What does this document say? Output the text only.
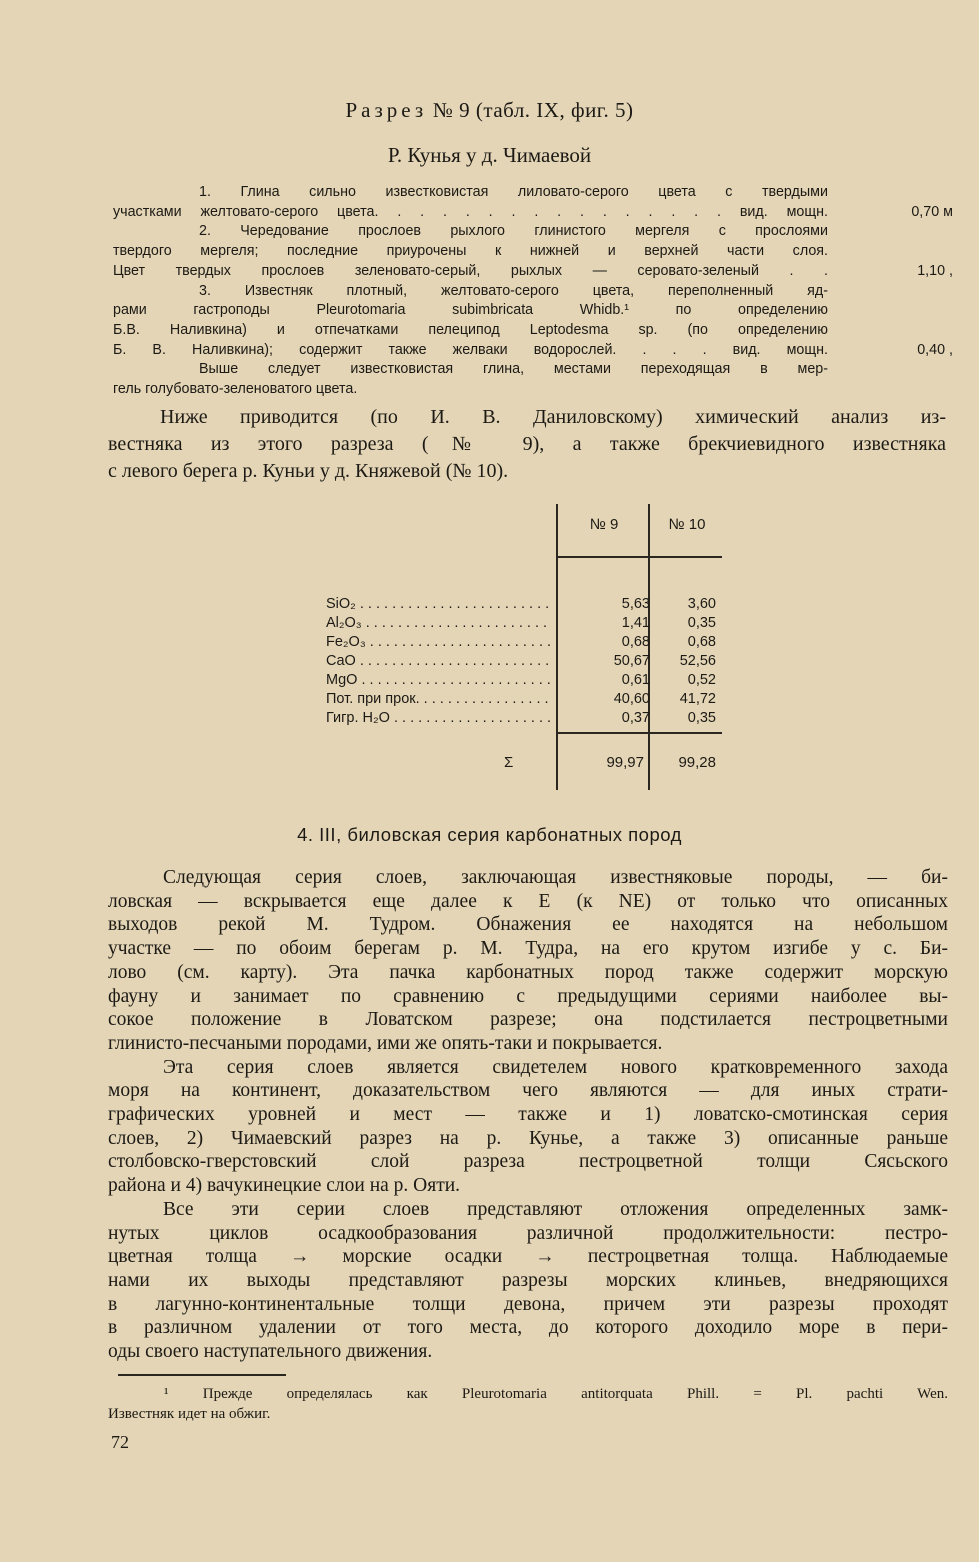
Разрез № 9 (табл. IX, фиг. 5)
Р. Кунья у д. Чимаевой
1. Глина сильно известковистая лиловато-серого цвета с твердыми
участками желтовато-серого цвета. . . . . . . . . . . . . . . . вид. мощн.	0,70 м
2. Чередование прослоев рыхлого глинистого мергеля с прослоями
твердого мергеля; последние приурочены к нижней и верхней части слоя.
Цвет твердых прослоев зеленовато-серый, рыхлых — серовато-зеленый . .	1,10 ,
3. Известняк плотный, желтовато-серого цвета, переполненный яд-
рами гастроподы Pleurotomaria subimbricata Whidb.¹ по определению
Б.В. Наливкина) и отпечатками пелеципод Leptodesma sp. (по определению
Б. В. Наливкина); содержит также желваки водорослей. . . . вид. мощн.	0,40 ,
Выше следует известковистая глина, местами переходящая в мер-
гель голубовато-зеленоватого цвета.
Ниже приводится (по И. В. Даниловскому) химический анализ из-
вестняка из этого разреза (№ 9), а также брекчиевидного известняка
с левого берега р. Куньи у д. Княжевой (№ 10).
№ 9	№ 10
SiO₂ . . .	5,63	3,60
Al₂O₃ . . .	1,41	0,35
Fe₂O₃ . . .	0,68	0,68
CaO . . .	50,67	52,56
MgO . . .	0,61	0,52
Пот. при прок. . . .	40,60	41,72
Гигр. H₂O . . .	0,37	0,35
Σ	99,97	99,28
4. III, биловская серия карбонатных пород
Следующая серия слоев, заключающая известняковые породы, — би-
ловская — вскрывается еще далее к Е (к NE) от только что описанных
выходов рекой М. Тудром. Обнажения ее находятся на небольшом
участке — по обоим берегам р. М. Тудра, на его крутом изгибе у с. Би-
лово (см. карту). Эта пачка карбонатных пород также содержит морскую
фауну и занимает по сравнению с предыдущими сериями наиболее вы-
сокое положение в Ловатском разрезе; она подстилается пестроцветными
глинисто-песчаными породами, ими же опять-таки и покрывается.
Эта серия слоев является свидетелем нового кратковременного захода
моря на континент, доказательством чего являются — для иных страти-
графических уровней и мест — также и 1) ловатско-смотинская серия
слоев, 2) Чимаевский разрез на р. Кунье, а также 3) описанные раньше
столбовско-гверстовский слой разреза пестроцветной толщи Сясьского
района и 4) вачукинецкие слои на р. Ояти.
Все эти серии слоев представляют отложения определенных замк-
нутых циклов осадкообразования различной продолжительности: пестро-
цветная толща → морские осадки → пестроцветная толща. Наблюдаемые
нами их выходы представляют разрезы морских клиньев, внедряющихся
в лагунно-континентальные толщи девона, причем эти разрезы проходят
в различном удалении от того места, до которого доходило море в пери-
оды своего наступательного движения.
¹ Прежде определялась как Pleurotomaria antitorquata Phill. = Pl. pachti Wen.
Известняк идет на обжиг.
72
